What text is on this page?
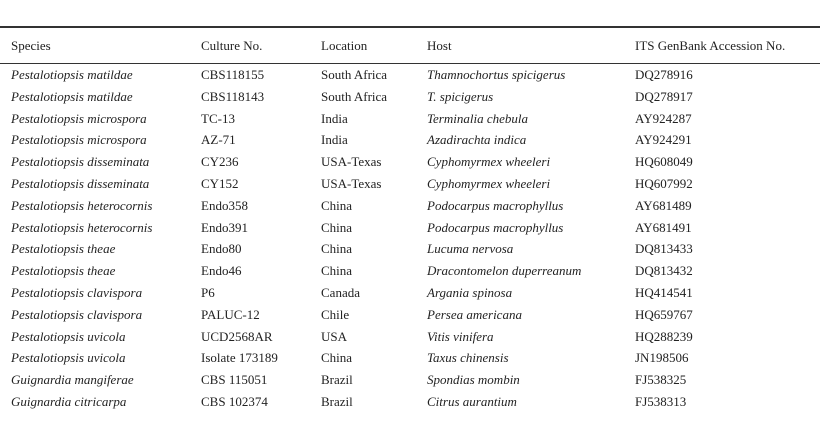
Species	Culture No.	Location	Host	ITS GenBank Accession No.

Pestalotiopsis matildae	CBS118155	South Africa	Thamnochortus spicigerus	DQ278916
Pestalotiopsis matildae	CBS118143	South Africa	T. spicigerus	DQ278917
Pestalotiopsis microspora	TC-13	India	Terminalia chebula	AY924287
Pestalotiopsis microspora	AZ-71	India	Azadirachta indica	AY924291
Pestalotiopsis disseminata	CY236	USA-Texas	Cyphomyrmex wheeleri	HQ608049
Pestalotiopsis disseminata	CY152	USA-Texas	Cyphomyrmex wheeleri	HQ607992
Pestalotiopsis heterocornis	Endo358	China	Podocarpus macrophyllus	AY681489
Pestalotiopsis heterocornis	Endo391	China	Podocarpus macrophyllus	AY681491
Pestalotiopsis theae	Endo80	China	Lucuma nervosa	DQ813433
Pestalotiopsis theae	Endo46	China	Dracontomelon duperreanum	DQ813432
Pestalotiopsis clavispora	P6	Canada	Argania spinosa	HQ414541
Pestalotiopsis clavispora	PALUC-12	Chile	Persea americana	HQ659767
Pestalotiopsis uvicola	UCD2568AR	USA	Vitis vinifera	HQ288239
Pestalotiopsis uvicola	Isolate 173189	China	Taxus chinensis	JN198506
Guignardia mangiferae	CBS 115051	Brazil	Spondias mombin	FJ538325
Guignardia citricarpa	CBS 102374	Brazil	Citrus aurantium	FJ538313
